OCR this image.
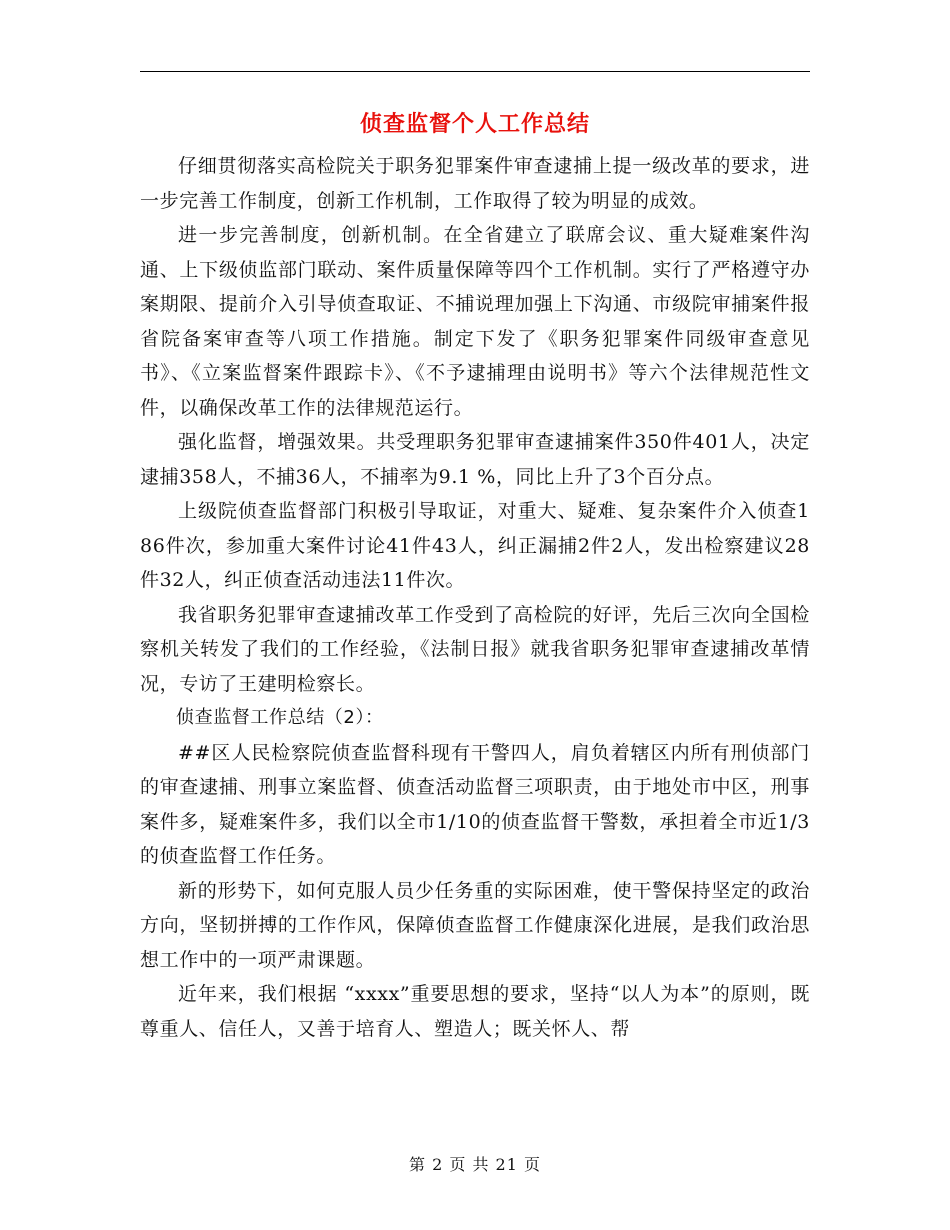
侦查监督个人工作总结

仔细贯彻落实高检院关于职务犯罪案件审查逮捕上提一级改革的要求，进一步完善工作制度，创新工作机制，工作取得了较为明显的成效。

进一步完善制度，创新机制。在全省建立了联席会议、重大疑难案件沟通、上下级侦监部门联动、案件质量保障等四个工作机制。实行了严格遵守办案期限、提前介入引导侦查取证、不捕说理加强上下沟通、市级院审捕案件报省院备案审查等八项工作措施。制定下发了《职务犯罪案件同级审查意见书》、《立案监督案件跟踪卡》、《不予逮捕理由说明书》等六个法律规范性文件，以确保改革工作的法律规范运行。

强化监督，增强效果。共受理职务犯罪审查逮捕案件350件401人，决定逮捕358人，不捕36人，不捕率为9.1 %，同比上升了3个百分点。

上级院侦查监督部门积极引导取证，对重大、疑难、复杂案件介入侦查186件次，参加重大案件讨论41件43人，纠正漏捕2件2人，发出检察建议28件32人，纠正侦查活动违法11件次。

我省职务犯罪审查逮捕改革工作受到了高检院的好评，先后三次向全国检察机关转发了我们的工作经验，《法制日报》就我省职务犯罪审查逮捕改革情况，专访了王建明检察长。

侦查监督工作总结（2）：

##区人民检察院侦查监督科现有干警四人，肩负着辖区内所有刑侦部门的审查逮捕、刑事立案监督、侦查活动监督三项职责，由于地处市中区，刑事案件多，疑难案件多，我们以全市1/10的侦查监督干警数，承担着全市近1/3的侦查监督工作任务。

新的形势下，如何克服人员少任务重的实际困难，使干警保持坚定的政治方向，坚韧拼搏的工作作风，保障侦查监督工作健康深化进展，是我们政治思想工作中的一项严肃课题。

近年来，我们根据 “xxxx”重要思想的要求，坚持“以人为本”的原则，既尊重人、信任人，又善于培育人、塑造人；既关怀人、帮

第 2 页 共 21 页
